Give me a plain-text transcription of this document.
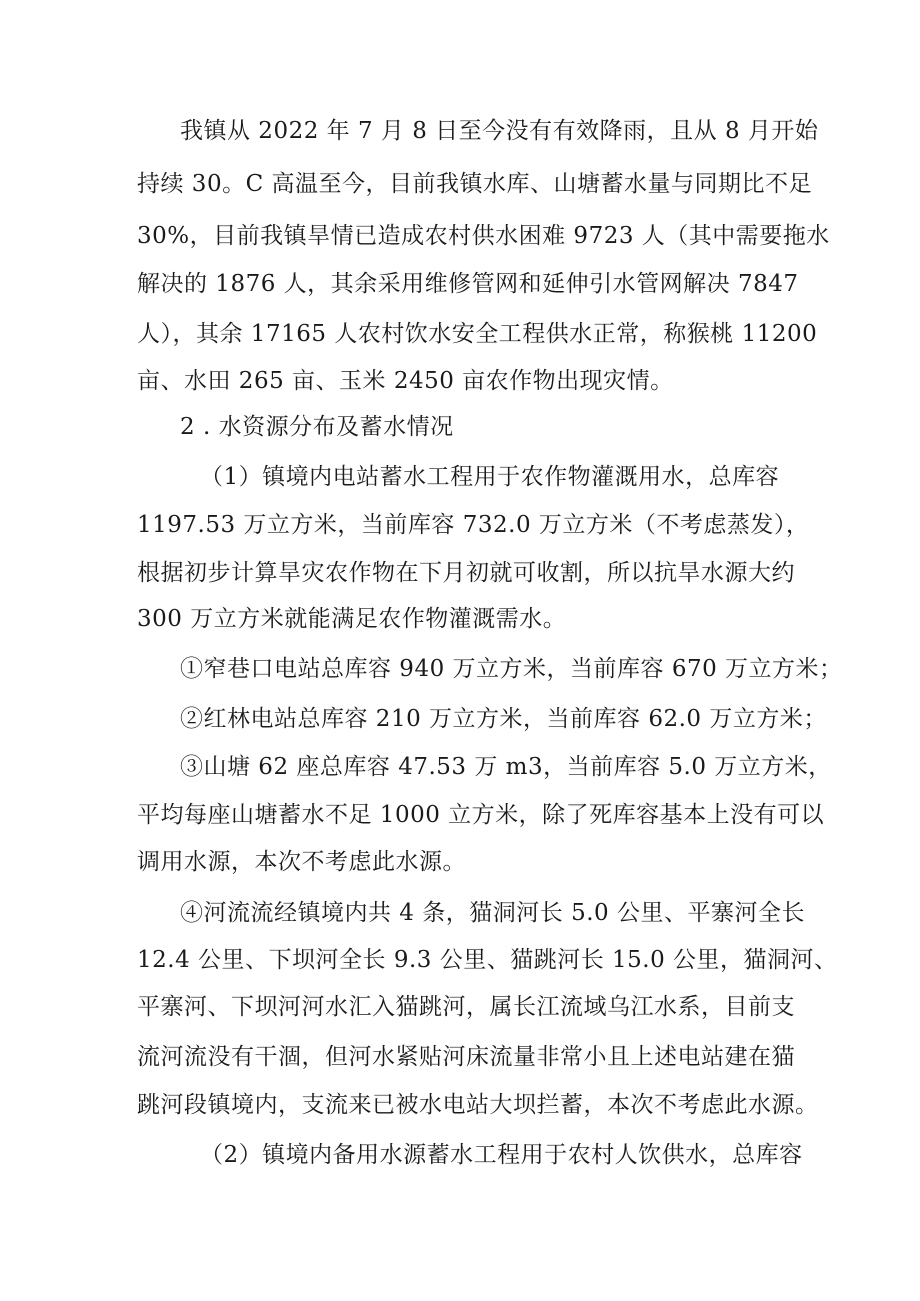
我镇从 2022 年 7 月 8 日至今没有有效降雨，且从 8 月开始
持续 30。C 高温至今，目前我镇水库、山塘蓄水量与同期比不足
30%，目前我镇旱情已造成农村供水困难 9723 人（其中需要拖水
解决的 1876 人，其余采用维修管网和延伸引水管网解决 7847
人），其余 17165 人农村饮水安全工程供水正常，称猴桃 11200
亩、水田 265 亩、玉米 2450 亩农作物出现灾情。
2 . 水资源分布及蓄水情况
（1）镇境内电站蓄水工程用于农作物灌溉用水，总库容
1197.53 万立方米，当前库容 732.0 万立方米（不考虑蒸发），
根据初步计算旱灾农作物在下月初就可收割，所以抗旱水源大约
300 万立方米就能满足农作物灌溉需水。
①窄巷口电站总库容 940 万立方米，当前库容 670 万立方米；
②红林电站总库容 210 万立方米，当前库容 62.0 万立方米；
③山塘 62 座总库容 47.53 万 m3，当前库容 5.0 万立方米，
平均每座山塘蓄水不足 1000 立方米，除了死库容基本上没有可以
调用水源，本次不考虑此水源。
④河流流经镇境内共 4 条，猫洞河长 5.0 公里、平寨河全长
12.4 公里、下坝河全长 9.3 公里、猫跳河长 15.0 公里，猫洞河、
平寨河、下坝河河水汇入猫跳河，属长江流域乌江水系，目前支
流河流没有干涸，但河水紧贴河床流量非常小且上述电站建在猫
跳河段镇境内，支流来已被水电站大坝拦蓄，本次不考虑此水源。
（2）镇境内备用水源蓄水工程用于农村人饮供水，总库容
